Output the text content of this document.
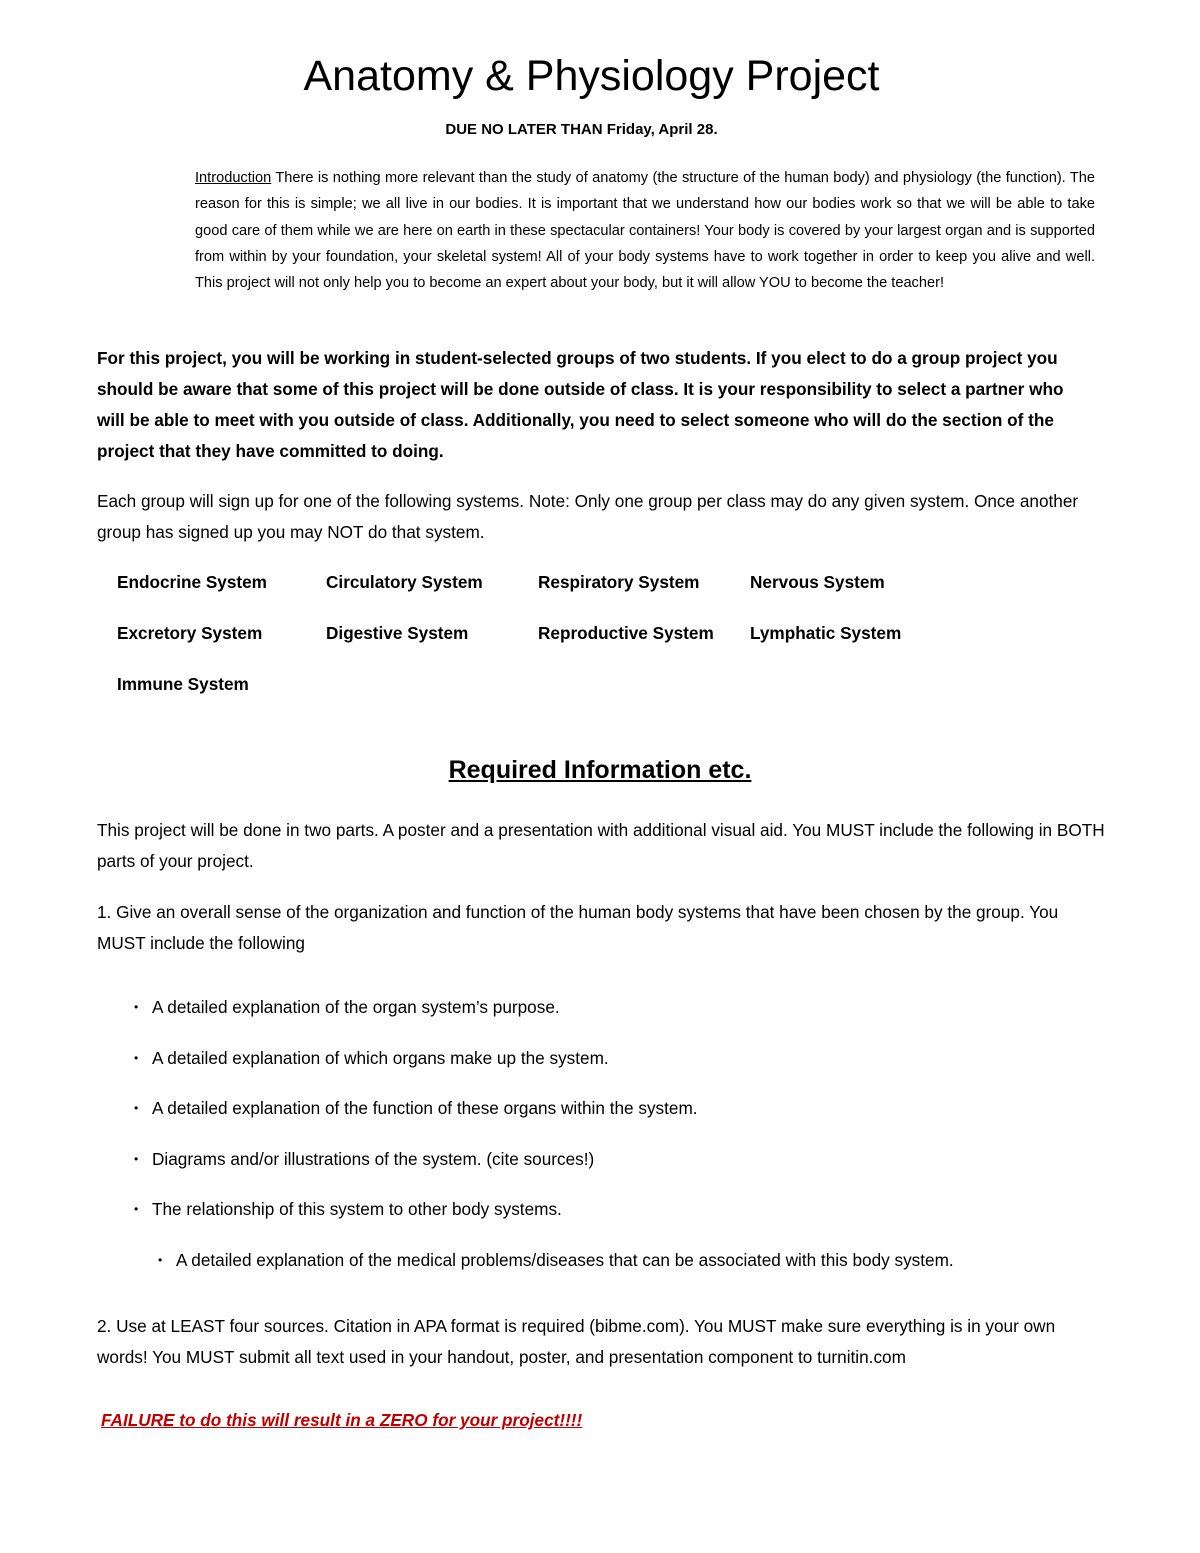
Anatomy & Physiology Project

DUE NO LATER THAN Friday, April 28.

Introduction There is nothing more relevant than the study of anatomy (the structure of the human body) and physiology (the function). The reason for this is simple; we all live in our bodies. It is important that we understand how our bodies work so that we will be able to take good care of them while we are here on earth in these spectacular containers! Your body is covered by your largest organ and is supported from within by your foundation, your skeletal system! All of your body systems have to work together in order to keep you alive and well. This project will not only help you to become an expert about your body, but it will allow YOU to become the teacher!

For this project, you will be working in student-selected groups of two students. If you elect to do a group project you should be aware that some of this project will be done outside of class. It is your responsibility to select a partner who will be able to meet with you outside of class. Additionally, you need to select someone who will do the section of the project that they have committed to doing.

Each group will sign up for one of the following systems. Note: Only one group per class may do any given system. Once another group has signed up you may NOT do that system.

Endocrine System	Circulatory System	Respiratory System	Nervous System
Excretory System	Digestive System	Reproductive System Lymphatic System
Immune System
Required Information etc.

This project will be done in two parts. A poster and a presentation with additional visual aid. You MUST include the following in BOTH parts of your project.

1. Give an overall sense of the organization and function of the human body systems that have been chosen by the group. You MUST include the following

• A detailed explanation of the organ system’s purpose.
• A detailed explanation of which organs make up the system.
• A detailed explanation of the function of these organs within the system.
• Diagrams and/or illustrations of the system. (cite sources!)
• The relationship of this system to other body systems.
• A detailed explanation of the medical problems/diseases that can be associated with this body system.

2. Use at LEAST four sources. Citation in APA format is required (bibme.com). You MUST make sure everything is in your own words! You MUST submit all text used in your handout, poster, and presentation component to turnitin.com

FAILURE to do this will result in a ZERO for your project!!!!
